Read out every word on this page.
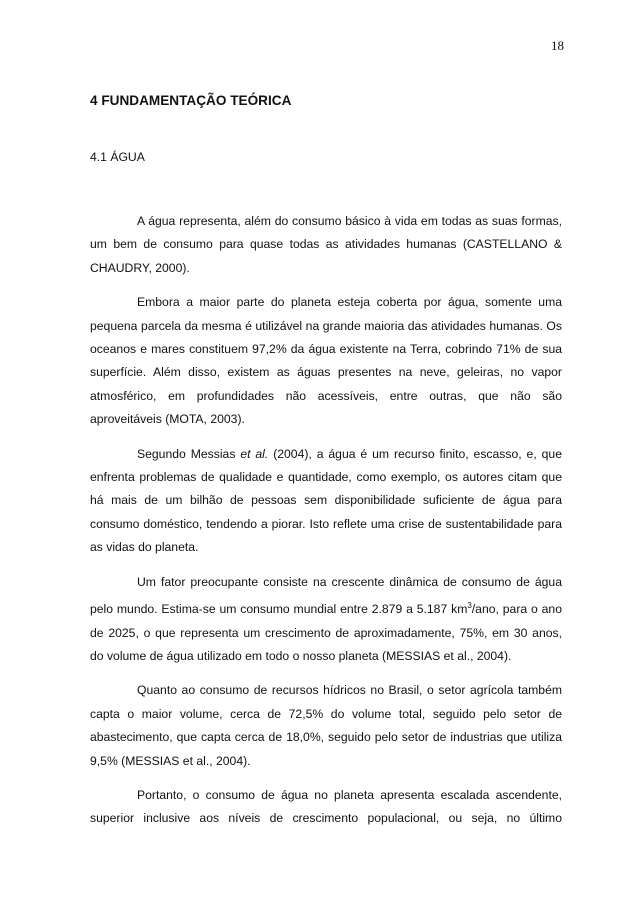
18
4 FUNDAMENTAÇÃO TEÓRICA
4.1 ÁGUA

A água representa, além do consumo básico à vida em todas as suas formas, um bem de consumo para quase todas as atividades humanas (CASTELLANO & CHAUDRY, 2000).

Embora a maior parte do planeta esteja coberta por água, somente uma pequena parcela da mesma é utilizável na grande maioria das atividades humanas. Os oceanos e mares constituem 97,2% da água existente na Terra, cobrindo 71% de sua superfície. Além disso, existem as águas presentes na neve, geleiras, no vapor atmosférico, em profundidades não acessíveis, entre outras, que não são aproveitáveis (MOTA, 2003).

Segundo Messias et al. (2004), a água é um recurso finito, escasso, e, que enfrenta problemas de qualidade e quantidade, como exemplo, os autores citam que há mais de um bilhão de pessoas sem disponibilidade suficiente de água para consumo doméstico, tendendo a piorar. Isto reflete uma crise de sustentabilidade para as vidas do planeta.

Um fator preocupante consiste na crescente dinâmica de consumo de água pelo mundo. Estima-se um consumo mundial entre 2.879 a 5.187 $km^3$/ano, para o ano de 2025, o que representa um crescimento de aproximadamente, 75%, em 30 anos, do volume de água utilizado em todo o nosso planeta (MESSIAS et al., 2004).

Quanto ao consumo de recursos hídricos no Brasil, o setor agrícola também capta o maior volume, cerca de 72,5% do volume total, seguido pelo setor de abastecimento, que capta cerca de 18,0%, seguido pelo setor de industrias que utiliza 9,5% (MESSIAS et al., 2004).

Portanto, o consumo de água no planeta apresenta escalada ascendente, superior inclusive aos níveis de crescimento populacional, ou seja, no último
